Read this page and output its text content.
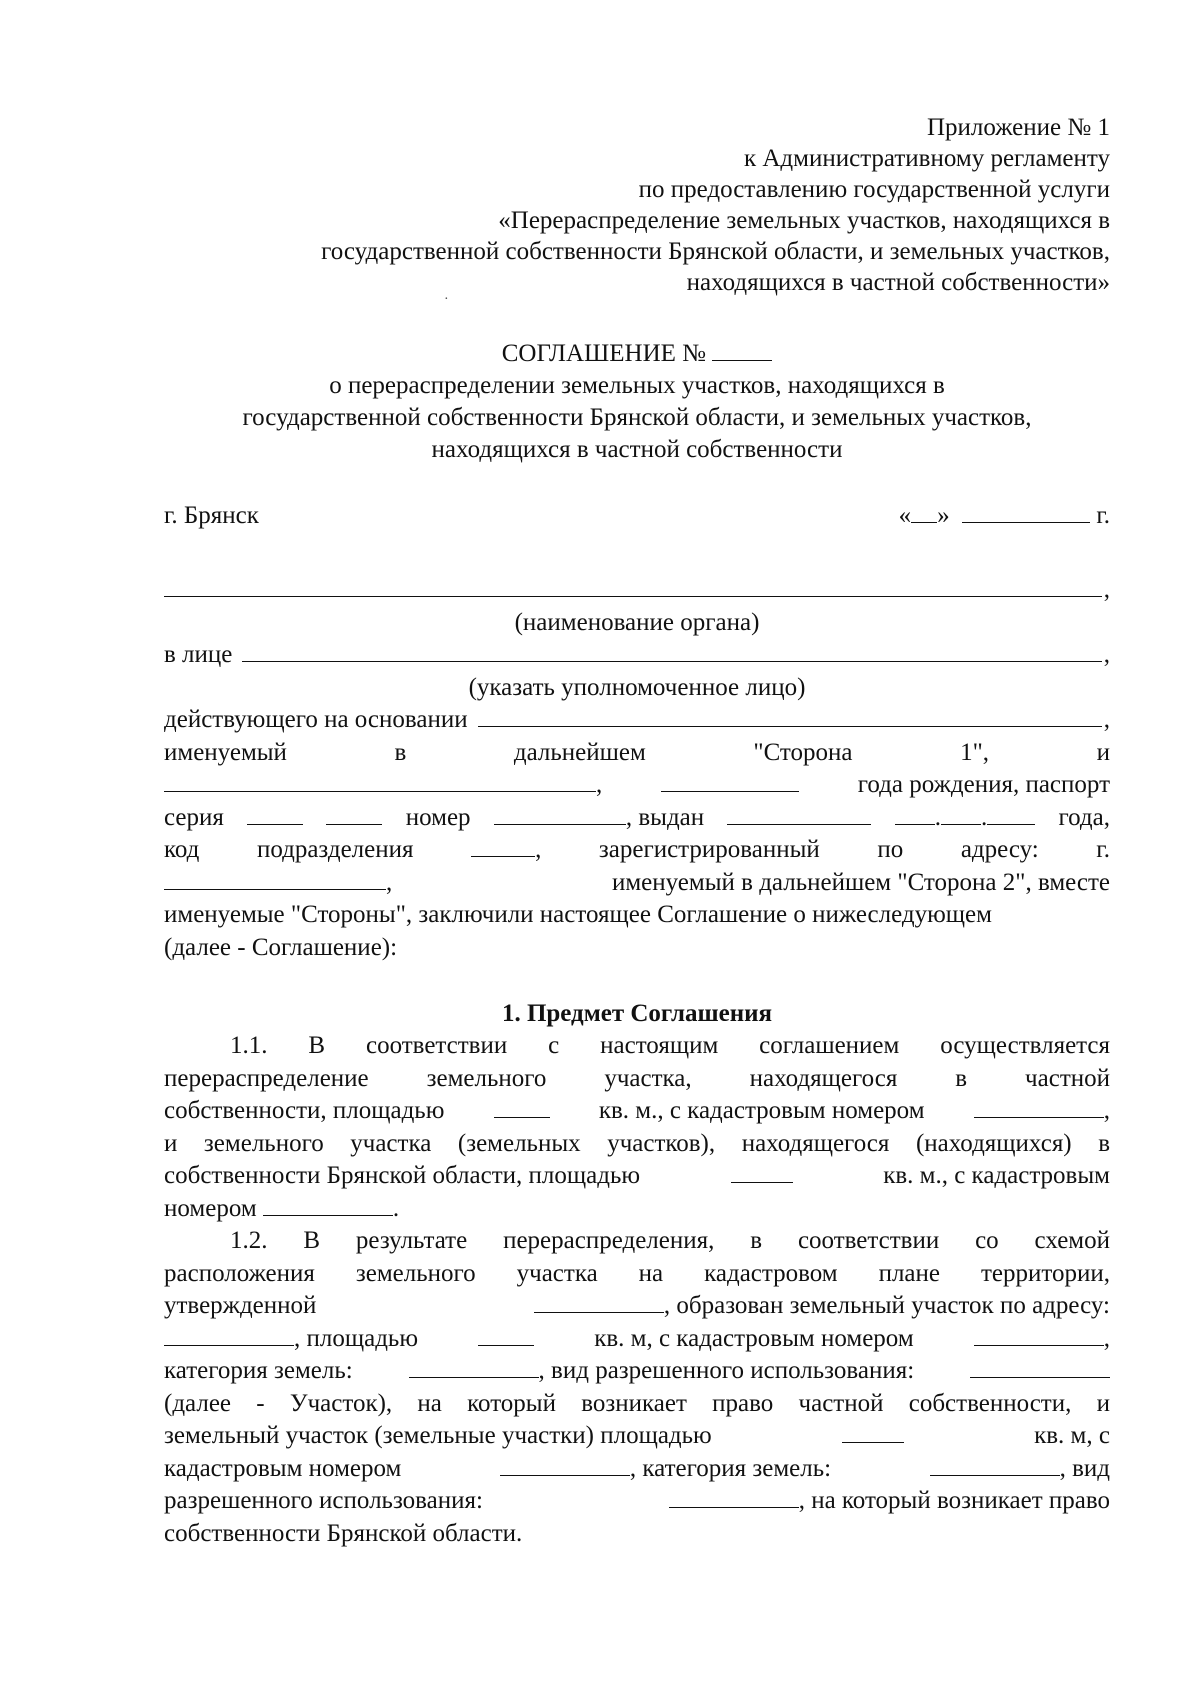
·
Приложение № 1
к Административному регламенту
по предоставлению государственной услуги
«Перераспределение земельных участков, находящихся в
государственной собственности Брянской области, и земельных участков,
находящихся в частной собственности»
СОГЛАШЕНИЕ №
о перераспределении земельных участков, находящихся в
государственной собственности Брянской области, и земельных участков,
находящихся в частной собственности
г. Брянск	« »	г.
,
(наименование органа)
в лице	,
(указать уполномоченное лицо)
действующего на основании	,
именуемый	в	дальнейшем	"Сторона	1",	и
,	года рождения, паспорт
серия	номер	, выдан	. .	года,
код подразделения	, зарегистрированный по адресу: г.
,	именуемый в дальнейшем "Сторона 2", вместе
именуемые "Стороны", заключили настоящее Соглашение о нижеследующем
(далее - Соглашение):
1. Предмет Соглашения
1.1. В соответствии с настоящим соглашением осуществляется
перераспределение земельного участка, находящегося в частной
собственности, площадью	кв. м., с кадастровым номером	,
и земельного участка (земельных участков), находящегося (находящихся) в
собственности Брянской области, площадью	кв. м., с кадастровым
номером	.
1.2. В результате перераспределения, в соответствии со схемой
расположения земельного участка на кадастровом плане территории,
утвержденной	, образован земельный участок по адресу:
, площадью	кв. м, с кадастровым номером	,
категория земель:	, вид разрешенного использования:
(далее - Участок), на который возникает право частной собственности, и
земельный участок (земельные участки) площадью	кв. м, с
кадастровым номером	, категория земель:	, вид
разрешенного использования:	, на который возникает право
собственности Брянской области.
